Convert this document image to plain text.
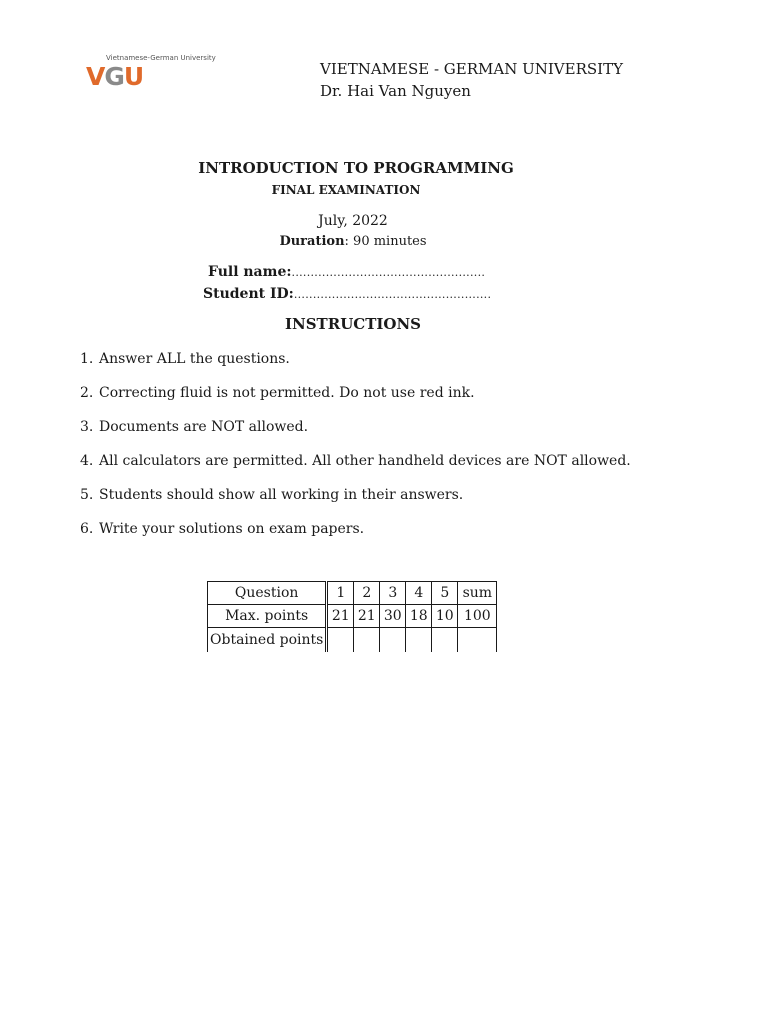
Vietnamese-German University
VGU	VIETNAMESE - GERMAN UNIVERSITY
Dr. Hai Van Nguyen
INTRODUCTION TO PROGRAMMING
FINAL EXAMINATION
July, 2022
Duration: 90 minutes
Full name:...................................................
Student ID:....................................................
INSTRUCTIONS
1. Answer ALL the questions.
2. Correcting fluid is not permitted. Do not use red ink.
3. Documents are NOT allowed.
4. All calculators are permitted. All other handheld devices are NOT allowed.
5. Students should show all working in their answers.
6. Write your solutions on exam papers.
Question	1	2	3	4	5	sum
Max. points	21	21	30	18	10	100
Obtained points						
